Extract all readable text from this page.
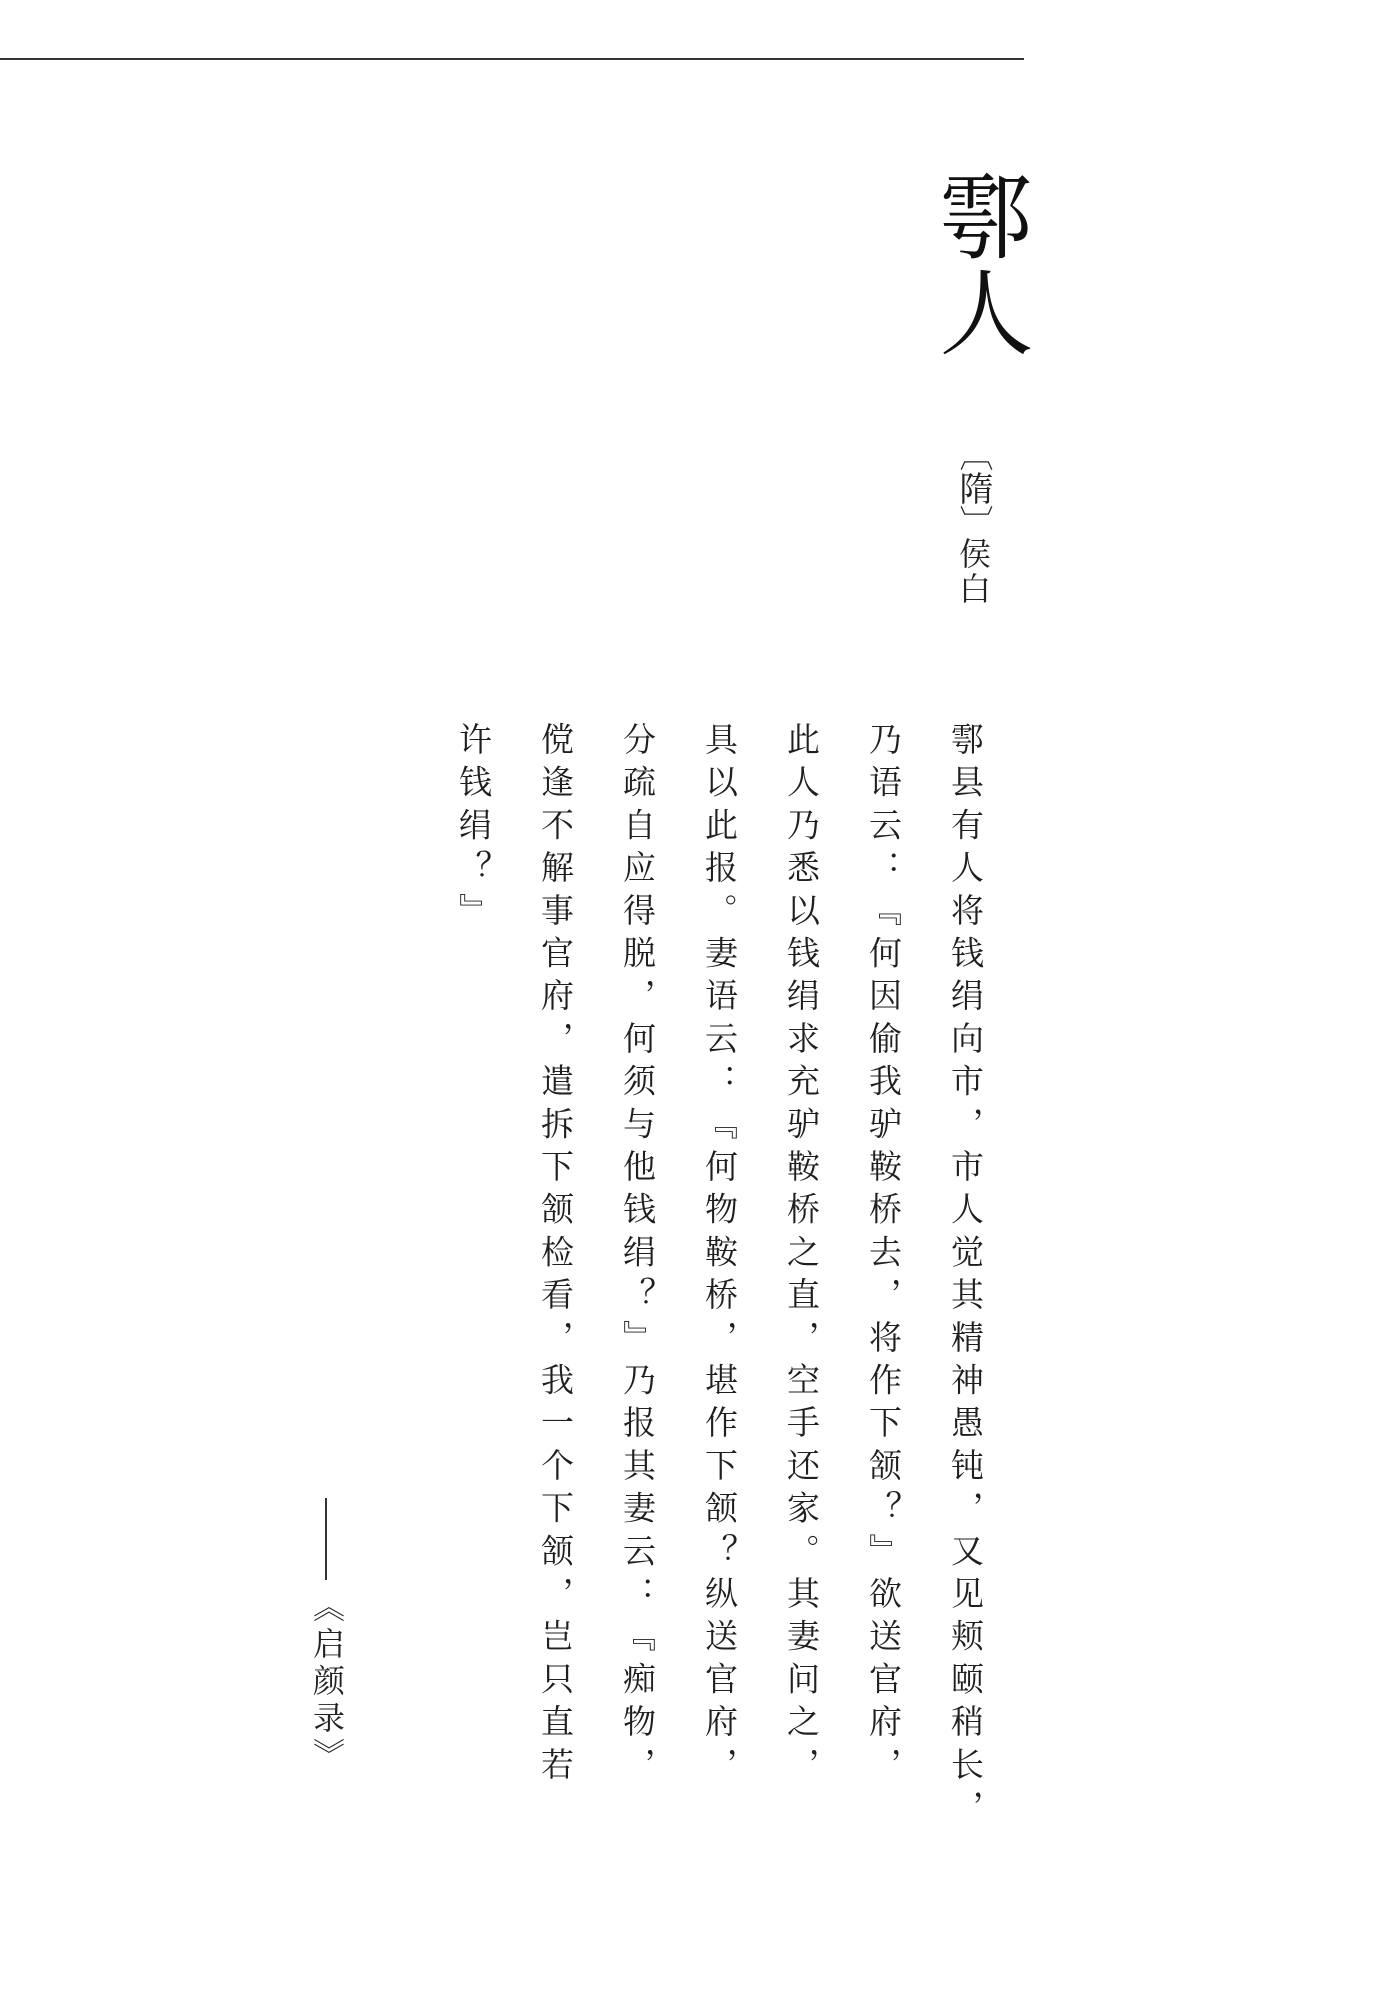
鄠人
〔隋〕
侯白
鄠县有人将钱绢向市，市人觉其精神愚钝，又见颊颐稍长，
乃语云：『何因偷我驴鞍桥去，将作下颔？』欲送官府，
此人乃悉以钱绢求充驴鞍桥之直，空手还家。其妻问之，
具以此报。妻语云：『何物鞍桥，堪作下颔？纵送官府，
分疏自应得脱，何须与他钱绢？』乃报其妻云：『痴物，
傥逢不解事官府，遣拆下颔检看，我一个下颔，岂只直若
许钱绢？』
《启颜录》
